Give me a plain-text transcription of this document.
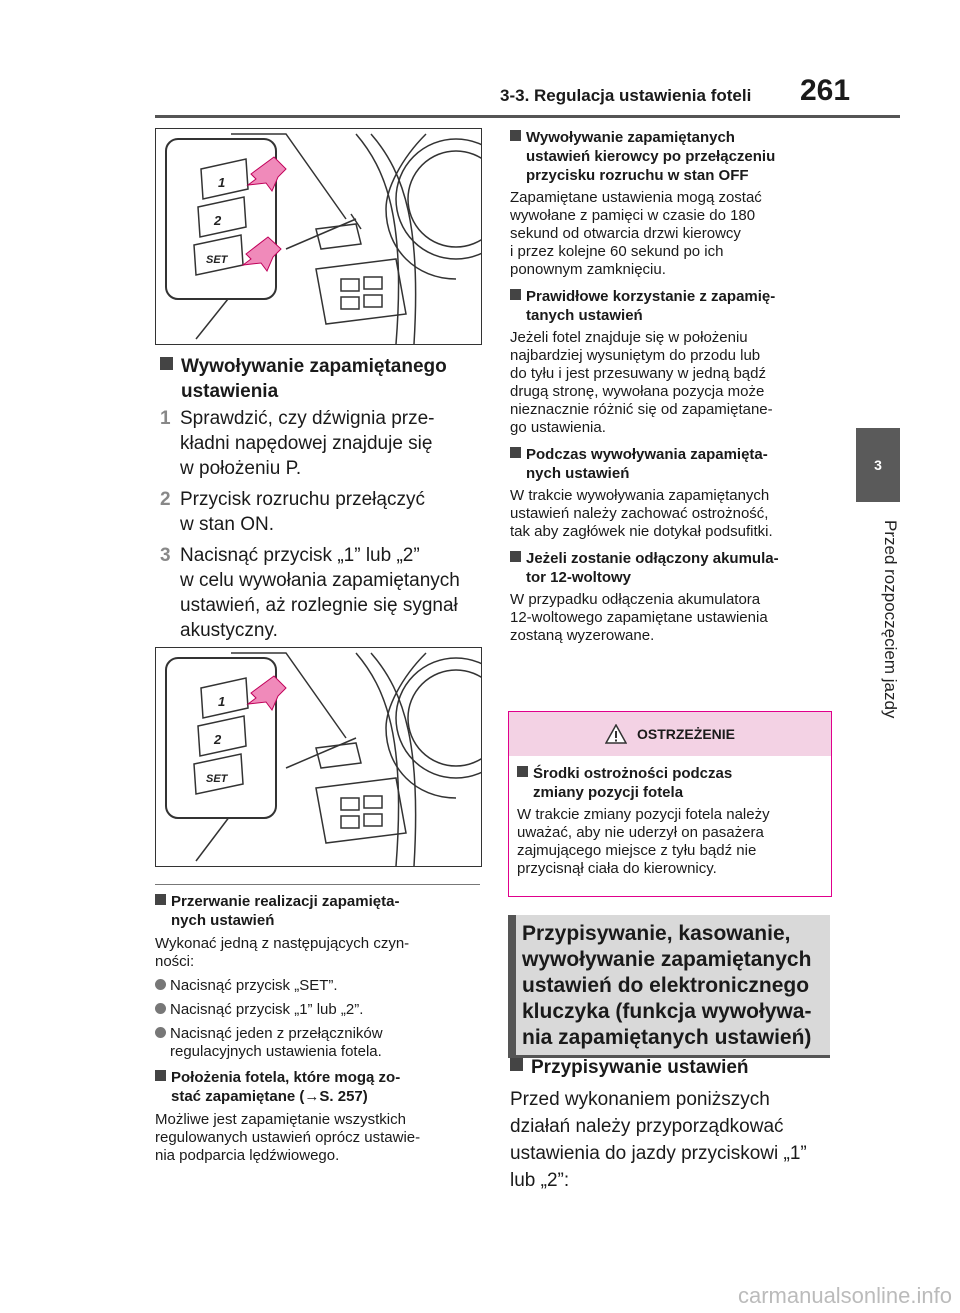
3-3. Regulacja ustawienia foteli 261
3
Przed rozpoczęciem jazdy
1
2
SET
Wywoływanie zapamiętanego
ustawienia
1 Sprawdzić, czy dźwignia prze-
kładni napędowej znajduje się
w położeniu P.
2 Przycisk rozruchu przełączyć
w stan ON.
3 Nacisnąć przycisk „1” lub „2”
w celu wywołania zapamiętanych
ustawień, aż rozlegnie się sygnał
akustyczny.
1
2
SET
Przerwanie realizacji zapamięta-
nych ustawień
Wykonać jedną z następujących czyn-
ności:
Nacisnąć przycisk „SET”.
Nacisnąć przycisk „1” lub „2”.
Nacisnąć jeden z przełączników
regulacyjnych ustawienia fotela.
Położenia fotela, które mogą zo-
stać zapamiętane (→S. 257)
Możliwe jest zapamiętanie wszystkich
regulowanych ustawień oprócz ustawie-
nia podparcia lędźwiowego.
Wywoływanie zapamiętanych
ustawień kierowcy po przełączeniu
przycisku rozruchu w stan OFF
Zapamiętane ustawienia mogą zostać
wywołane z pamięci w czasie do 180
sekund od otwarcia drzwi kierowcy
i przez kolejne 60 sekund po ich
ponownym zamknięciu.
Prawidłowe korzystanie z zapamię-
tanych ustawień
Jeżeli fotel znajduje się w położeniu
najbardziej wysuniętym do przodu lub
do tyłu i jest przesuwany w jedną bądź
drugą stronę, wywołana pozycja może
nieznacznie różnić się od zapamiętane-
go ustawienia.
Podczas wywoływania zapamięta-
nych ustawień
W trakcie wywoływania zapamiętanych
ustawień należy zachować ostrożność,
tak aby zagłówek nie dotykał podsufitki.
Jeżeli zostanie odłączony akumula-
tor 12-woltowy
W przypadku odłączenia akumulatora
12-woltowego zapamiętane ustawienia
zostaną wyzerowane.
OSTRZEŻENIE
Środki ostrożności podczas
zmiany pozycji fotela
W trakcie zmiany pozycji fotela należy
uważać, aby nie uderzył on pasażera
zajmującego miejsce z tyłu bądź nie
przycisnął ciała do kierownicy.
Przypisywanie, kasowanie,
wywoływanie zapamiętanych
ustawień do elektronicznego
kluczyka (funkcja wywoływa-
nia zapamiętanych ustawień)
Przypisywanie ustawień
Przed wykonaniem poniższych
działań należy przyporządkować
ustawienia do jazdy przyciskowi „1”
lub „2”:
carmanualsonline.info
